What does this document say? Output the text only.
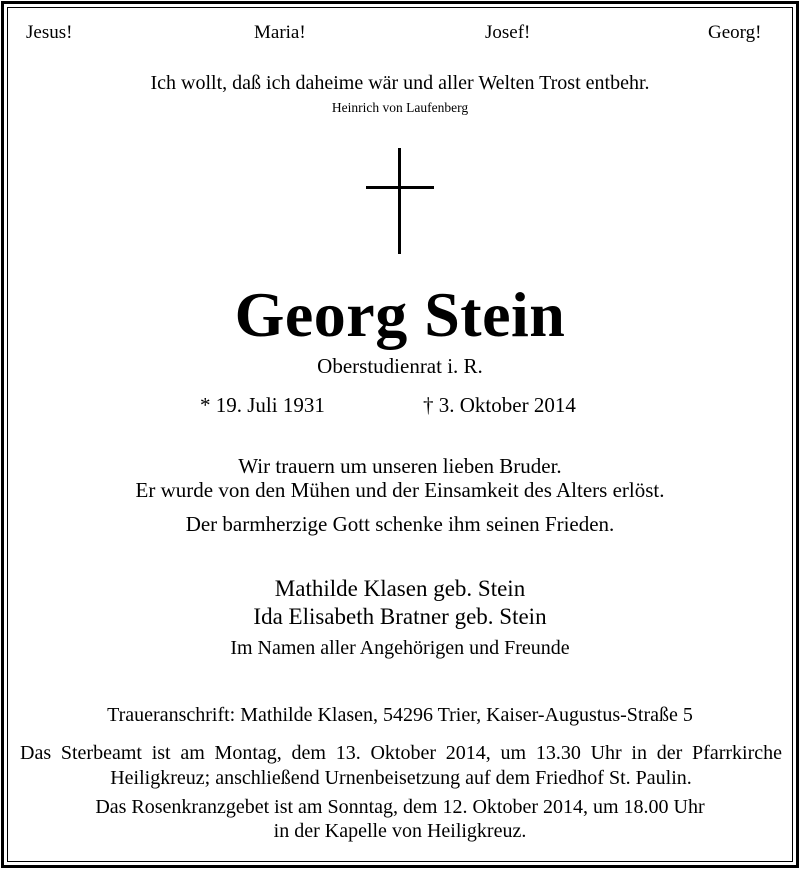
Jesus!	Maria!	Josef!	Georg!
Ich wollt, daß ich daheime wär und aller Welten Trost entbehr.
Heinrich von Laufenberg
Georg Stein
Oberstudienrat i. R.
* 19. Juli 1931	† 3. Oktober 2014
Wir trauern um unseren lieben Bruder.
Er wurde von den Mühen und der Einsamkeit des Alters erlöst.
Der barmherzige Gott schenke ihm seinen Frieden.
Mathilde Klasen geb. Stein
Ida Elisabeth Bratner geb. Stein
Im Namen aller Angehörigen und Freunde
Traueranschrift: Mathilde Klasen, 54296 Trier, Kaiser-Augustus-Straße 5
Das Sterbeamt ist am Montag, dem 13. Oktober 2014, um 13.30 Uhr in der Pfarrkirche Heiligkreuz; anschließend Urnenbeisetzung auf dem Friedhof St. Paulin.
Das Rosenkranzgebet ist am Sonntag, dem 12. Oktober 2014, um 18.00 Uhr
in der Kapelle von Heiligkreuz.
